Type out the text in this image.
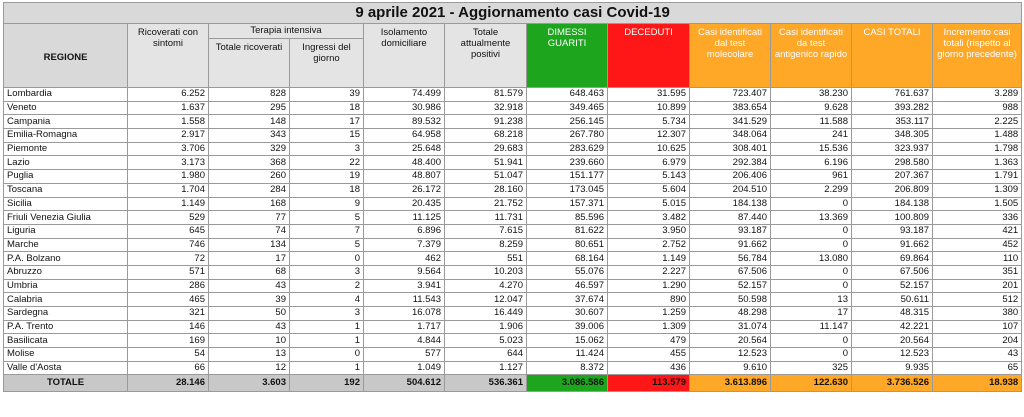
9 aprile 2021 - Aggiornamento casi Covid-19											
REGIONE	Ricoverati con sintomi	Terapia intensiva		Isolamento domiciliare	Totale attualmente positivi	DIMESSI GUARITI	DECEDUTI	Casi identificati dal test molecolare	Casi identificati da test antigenico rapido	CASI TOTALI	Incremento casi totali (rispetto al giorno precedente)
		Totale ricoverati	Ingressi del giorno								
Lombardia	6.252	828	39	74.499	81.579	648.463	31.595	723.407	38.230	761.637	3.289
Veneto	1.637	295	18	30.986	32.918	349.465	10.899	383.654	9.628	393.282	988
Campania	1.558	148	17	89.532	91.238	256.145	5.734	341.529	11.588	353.117	2.225
Emilia-Romagna	2.917	343	15	64.958	68.218	267.780	12.307	348.064	241	348.305	1.488
Piemonte	3.706	329	3	25.648	29.683	283.629	10.625	308.401	15.536	323.937	1.798
Lazio	3.173	368	22	48.400	51.941	239.660	6.979	292.384	6.196	298.580	1.363
Puglia	1.980	260	19	48.807	51.047	151.177	5.143	206.406	961	207.367	1.791
Toscana	1.704	284	18	26.172	28.160	173.045	5.604	204.510	2.299	206.809	1.309
Sicilia	1.149	168	9	20.435	21.752	157.371	5.015	184.138	0	184.138	1.505
Friuli Venezia Giulia	529	77	5	11.125	11.731	85.596	3.482	87.440	13.369	100.809	336
Liguria	645	74	7	6.896	7.615	81.622	3.950	93.187	0	93.187	421
Marche	746	134	5	7.379	8.259	80.651	2.752	91.662	0	91.662	452
P.A. Bolzano	72	17	0	462	551	68.164	1.149	56.784	13.080	69.864	110
Abruzzo	571	68	3	9.564	10.203	55.076	2.227	67.506	0	67.506	351
Umbria	286	43	2	3.941	4.270	46.597	1.290	52.157	0	52.157	201
Calabria	465	39	4	11.543	12.047	37.674	890	50.598	13	50.611	512
Sardegna	321	50	3	16.078	16.449	30.607	1.259	48.298	17	48.315	380
P.A. Trento	146	43	1	1.717	1.906	39.006	1.309	31.074	11.147	42.221	107
Basilicata	169	10	1	4.844	5.023	15.062	479	20.564	0	20.564	204
Molise	54	13	0	577	644	11.424	455	12.523	0	12.523	43
Valle d'Aosta	66	12	1	1.049	1.127	8.372	436	9.610	325	9.935	65
TOTALE	28.146	3.603	192	504.612	536.361	3.086.586	113.579	3.613.896	122.630	3.736.526	18.938
